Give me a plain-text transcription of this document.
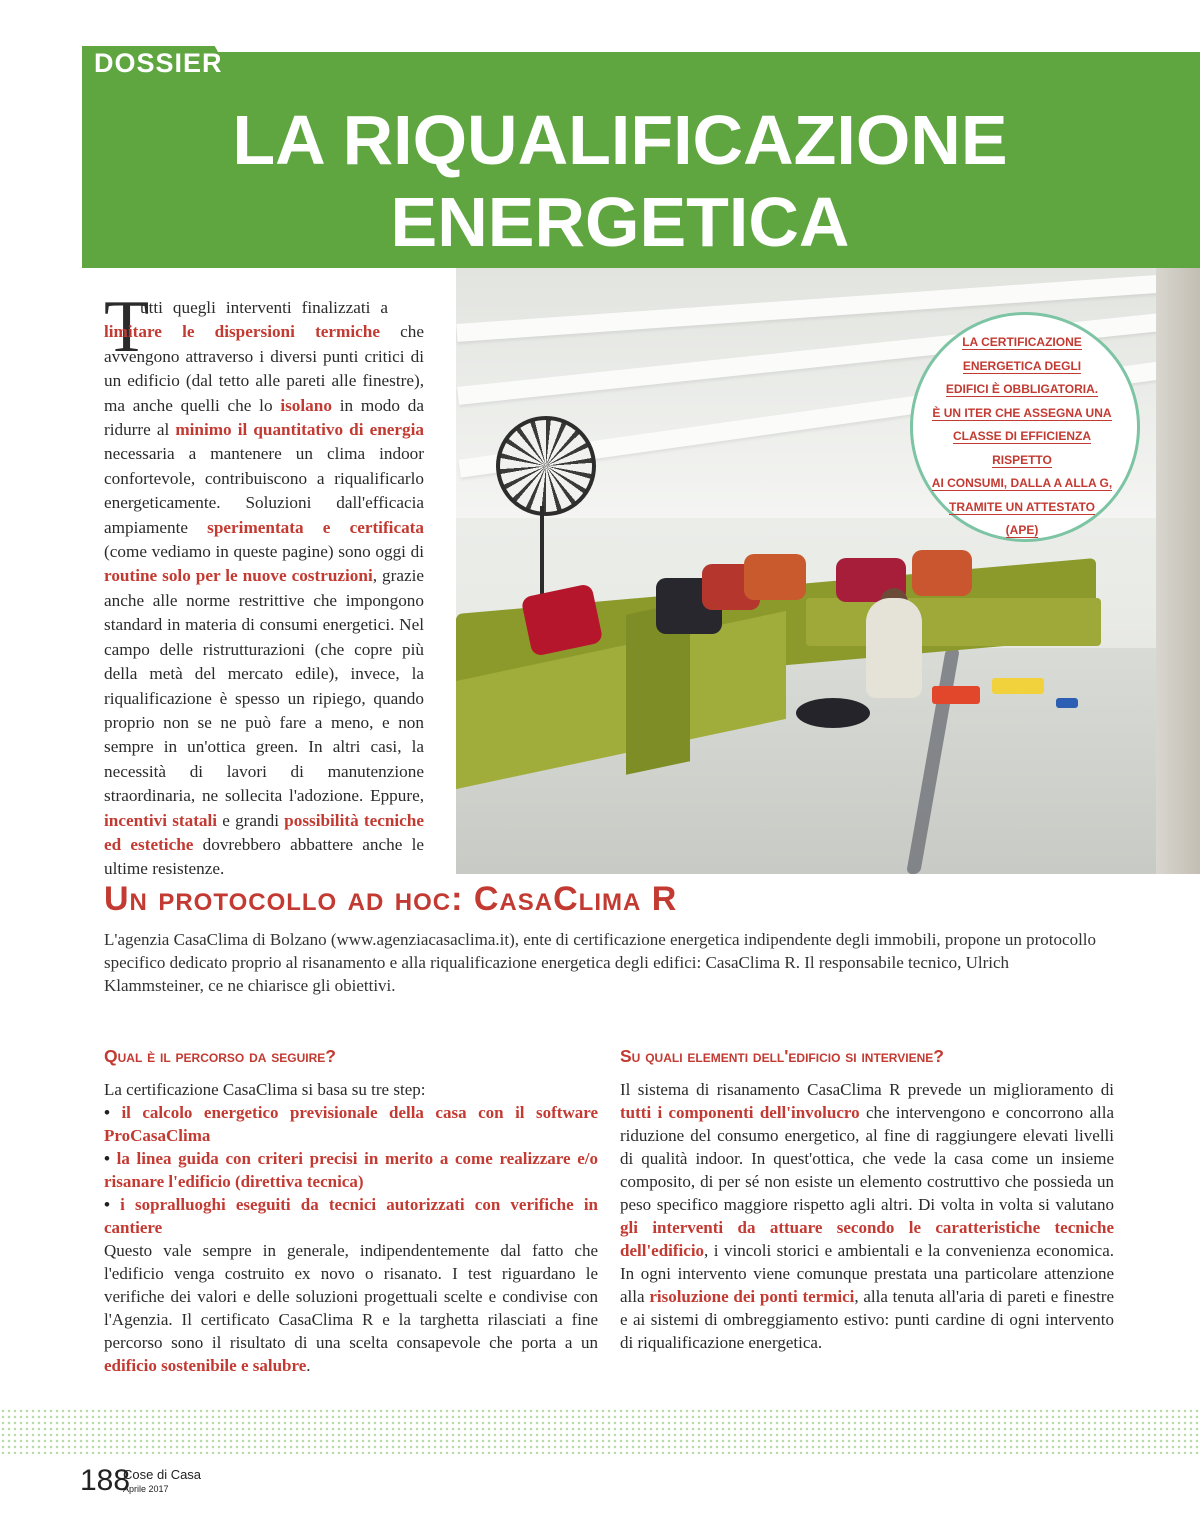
DOSSIER
LA RIQUALIFICAZIONE
ENERGETICA
LA CERTIFICAZIONE
ENERGETICA DEGLI
EDIFICI È OBBLIGATORIA.
È UN ITER CHE ASSEGNA UNA
CLASSE DI EFFICIENZA RISPETTO
AI CONSUMI, DALLA A ALLA G,
TRAMITE UN ATTESTATO
(APE)
T
utti quegli interventi finalizzati alimitare le dispersioni termiche che avvengono attraverso i diversi punti critici di un edificio (dal tetto alle pareti alle finestre), ma anche quelli che lo isolano in modo da ridurre al minimo il quantitativo di energia necessaria a mantenere un clima indoor confortevole, contribuiscono a riqualificarlo energeticamente. Soluzioni dall'efficacia ampiamente sperimentata e certificata (come vediamo in queste pagine) sono oggi di routine solo per le nuove costruzioni, grazie anche alle norme restrittive che impongono standard in materia di consumi energetici. Nel campo delle ristrutturazioni (che copre più della metà del mercato edile), invece, la riqualificazione è spesso un ripiego, quando proprio non se ne può fare a meno, e non sempre in un'ottica green. In altri casi, la necessità di lavori di manutenzione straordinaria, ne sollecita l'adozione. Eppure, incentivi statali e grandi possibilità tecniche ed estetiche dovrebbero abbattere anche le ultime resistenze.
Un protocollo ad hoc: CasaClima R
L'agenzia CasaClima di Bolzano (www.agenziacasaclima.it), ente di certificazione energetica indipendente degli immobili, propone un protocollo specifico dedicato proprio al risanamento e alla riqualificazione energetica degli edifici: CasaClima R. Il responsabile tecnico, Ulrich Klammsteiner, ce ne chiarisce gli obiettivi.
Qual è il percorso da seguire?
La certificazione CasaClima si basa su tre step:
• il calcolo energetico previsionale della casa con il software ProCasaClima
• la linea guida con criteri precisi in merito a come realizzare e/o risanare l'edificio (direttiva tecnica)
• i sopralluoghi eseguiti da tecnici autorizzati con verifiche in cantiere
Questo vale sempre in generale, indipendentemente dal fatto che l'edificio venga costruito ex novo o risanato. I test riguardano le verifiche dei valori e delle soluzioni progettuali scelte e condivise con l'Agenzia. Il certificato CasaClima R e la targhetta rilasciati a fine percorso sono il risultato di una scelta consapevole che porta a un edificio sostenibile e salubre.
Su quali elementi dell'edificio si interviene?
Il sistema di risanamento CasaClima R prevede un miglioramento di tutti i componenti dell'involucro che intervengono e concorrono alla riduzione del consumo energetico, al fine di raggiungere elevati livelli di qualità indoor. In quest'ottica, che vede la casa come un insieme composito, di per sé non esiste un elemento costruttivo che possieda un peso specifico maggiore rispetto agli altri. Di volta in volta si valutano gli interventi da attuare secondo le caratteristiche tecniche dell'edificio, i vincoli storici e ambientali e la convenienza economica. In ogni intervento viene comunque prestata una particolare attenzione alla risoluzione dei ponti termici, alla tenuta all'aria di pareti e finestre e ai sistemi di ombreggiamento estivo: punti cardine di ogni intervento di riqualificazione energetica.
188
Cose di Casa
Aprile 2017
